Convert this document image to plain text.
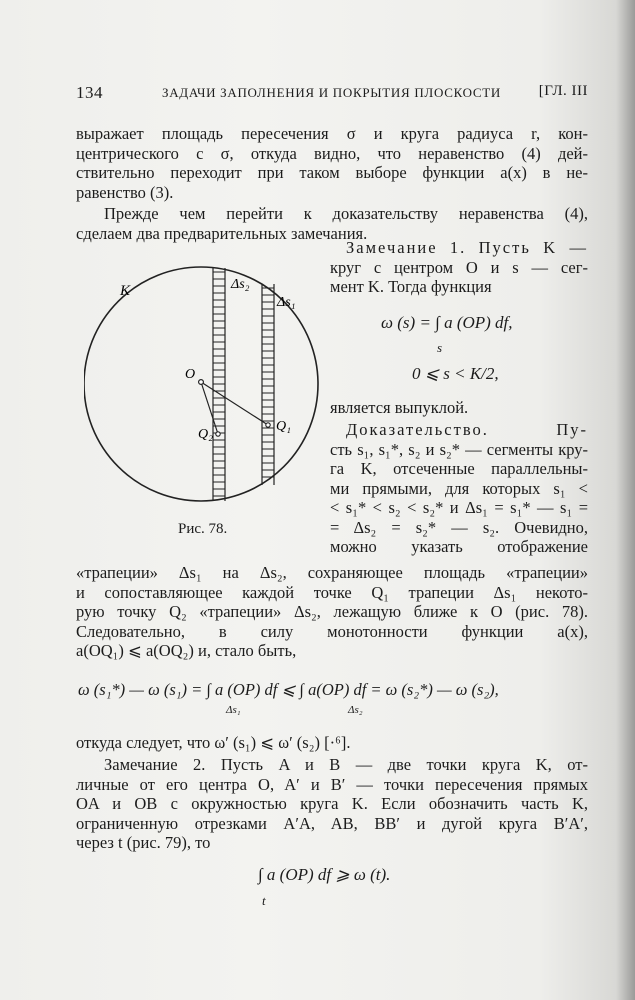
134	ЗАДАЧИ ЗАПОЛНЕНИЯ И ПОКРЫТИЯ ПЛОСКОСТИ	[ГЛ. III
выражает площадь пересечения σ и круга радиуса r, кон-
центрического с σ, откуда видно, что неравенство (4) дей-
ствительно переходит при таком выборе функции a(x) в не-
равенство (3).
Прежде чем перейти к доказательству неравенства (4),
сделаем два предварительных замечания.
K	Δs₂
Δs₁
O
Q₂
Q₁
Рис. 78.
Замечание 1. Пусть K —
круг с центром O и s — сег-
мент K. Тогда функция
ω (s) = ∫ a (OP) df,
s
0 ⩽ s < K/2,
является выпуклой.
Доказательство. Пу-
сть s₁, s₁*, s₂ и s₂* — сегменты кру-
га K, отсеченные параллельны-
ми прямыми, для которых s₁ <
< s₁* < s₂ < s₂* и Δs₁ = s₁* — s₁ =
= Δs₂ = s₂* — s₂. Очевидно,
можно указать отображение
«трапеции» Δs₁ на Δs₂, сохраняющее площадь «трапеции»
и сопоставляющее каждой точке Q₁ трапеции Δs₁ некото-
рую точку Q₂ «трапеции» Δs₂, лежащую ближе к O (рис. 78).
Следовательно, в силу монотонности функции a(x),
a(OQ₁) ⩽ a(OQ₂) и, стало быть,
ω (s₁*) — ω (s₁) = ∫ a (OP) df ⩽ ∫ a(OP) df = ω (s₂*) — ω (s₂),
Δs₁	Δs₂
откуда следует, что ω′ (s₁) ⩽ ω′ (s₂) [·⁶].
Замечание 2. Пусть A и B — две точки круга K, от-
личные от его центра O, A′ и B′ — точки пересечения прямых
OA и OB с окружностью круга K. Если обозначить часть K,
ограниченную отрезками A′A, AB, BB′ и дугой круга B′A′,
через t (рис. 79), то
∫ a (OP) df ⩾ ω (t).
t
